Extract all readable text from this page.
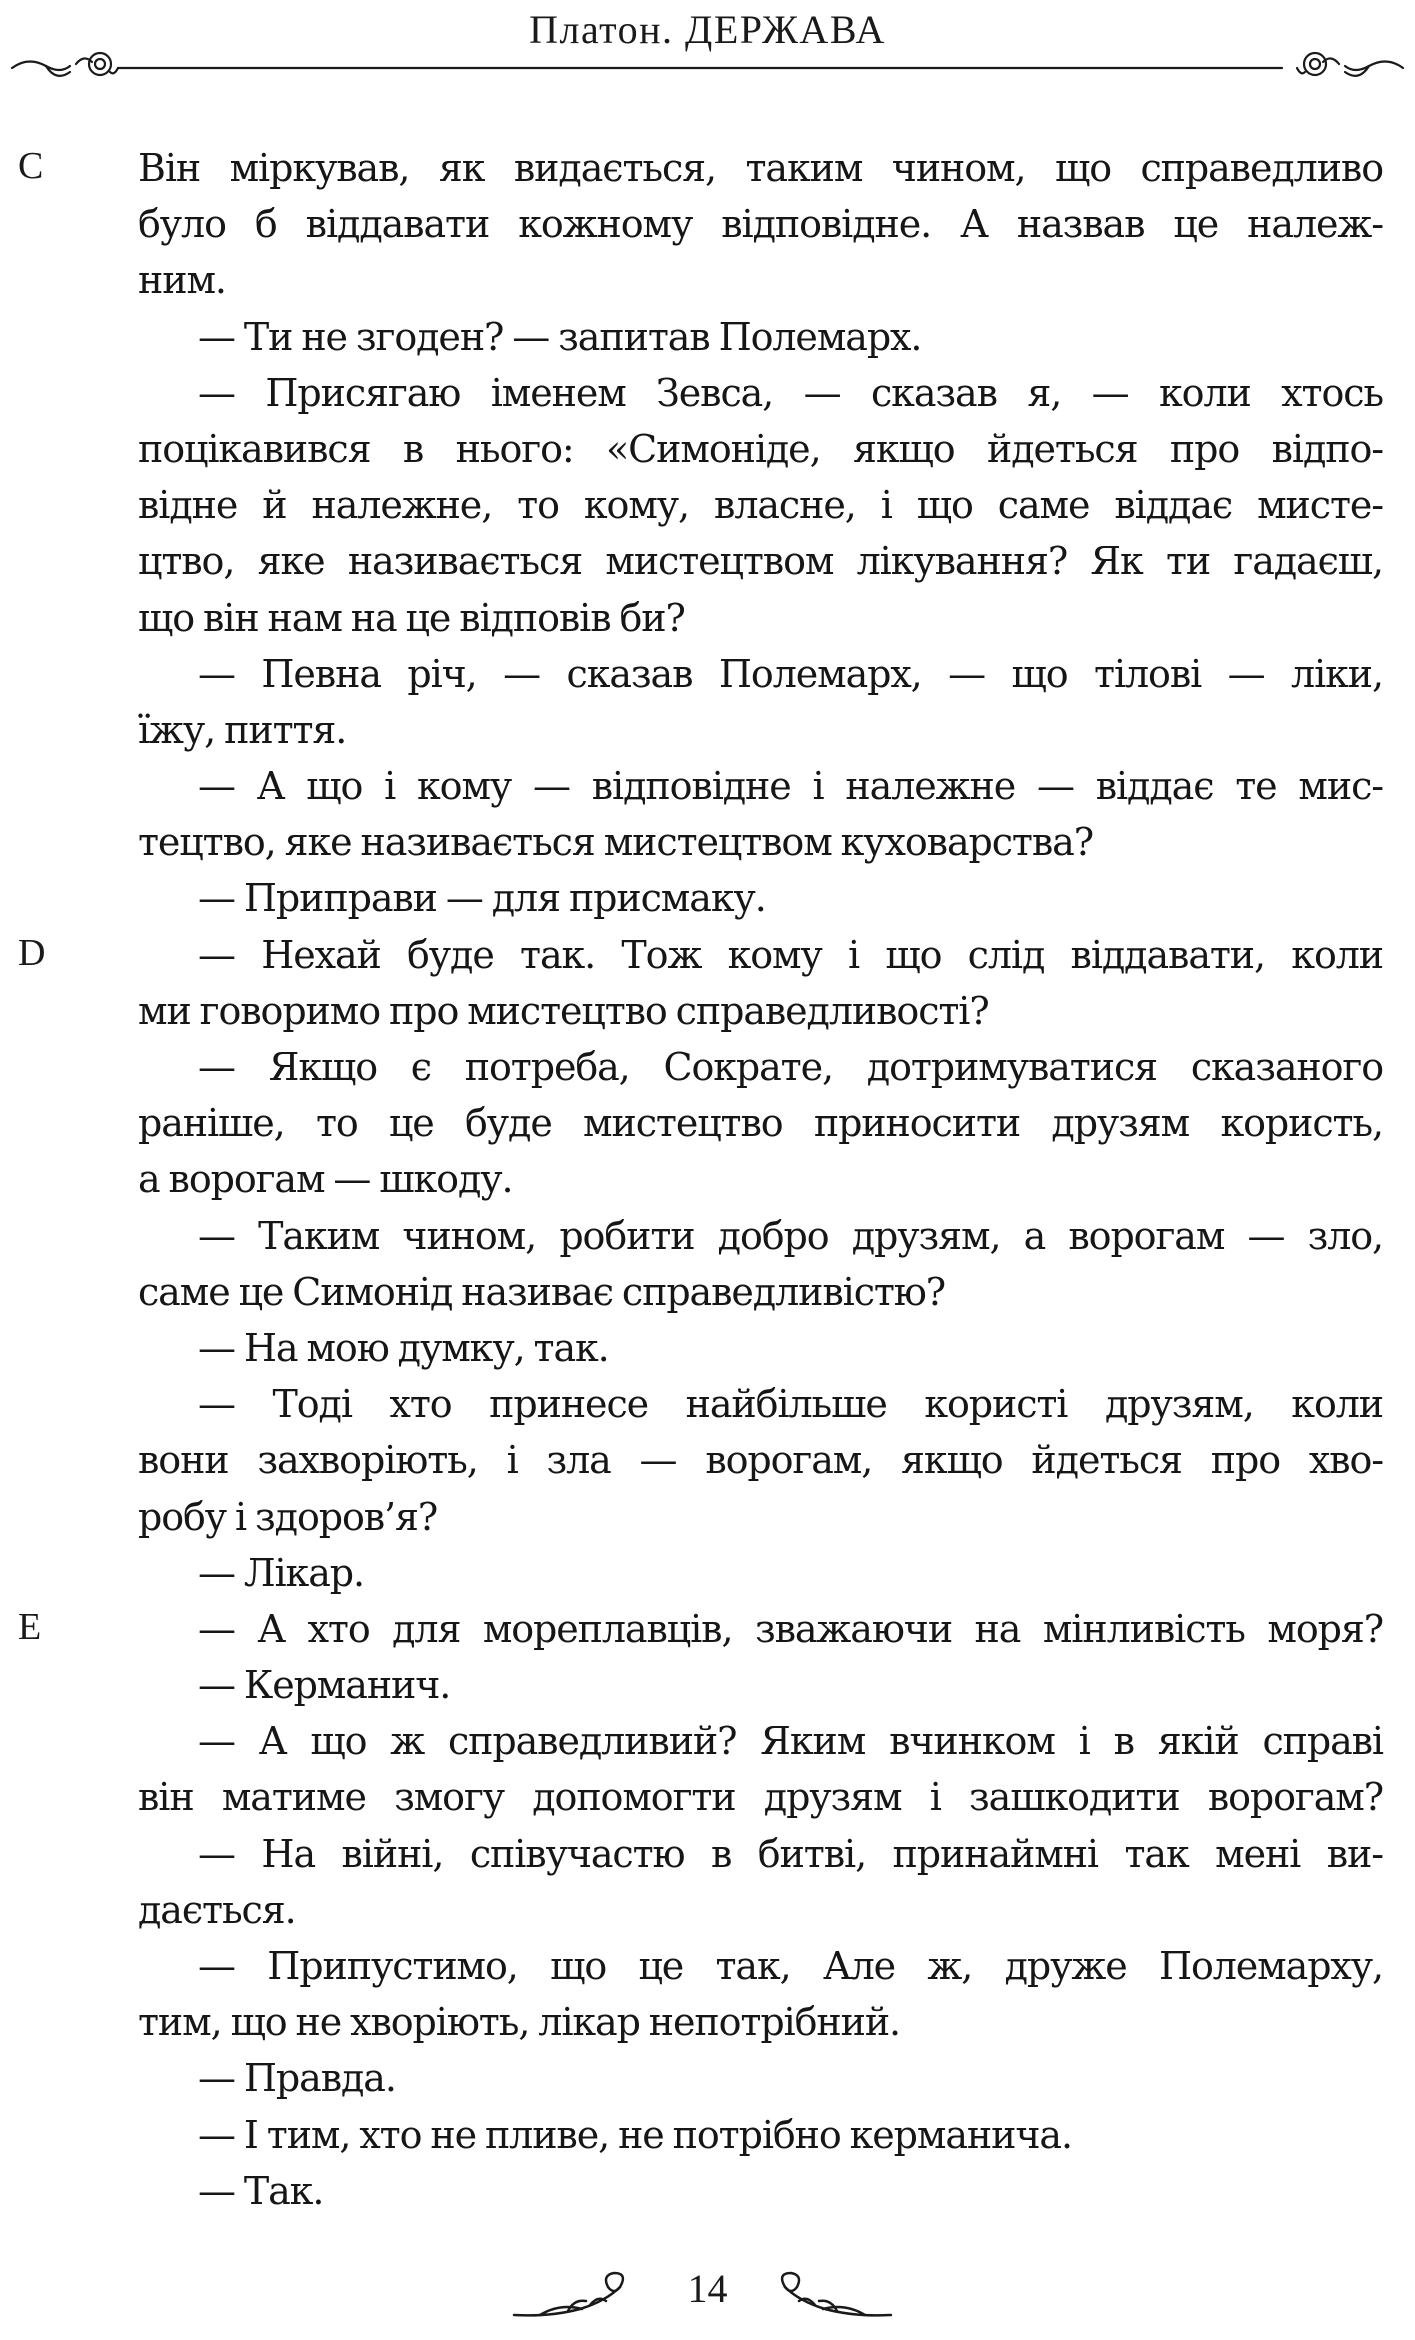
Платон. ДЕРЖАВА
C
D
E
Він міркував, як видається, таким чином, що справедливо
було б віддавати кожному відповідне. А назвав це належ-
ним.
— Ти не згоден? — запитав Полемарх.
— Присягаю іменем Зевса, — сказав я, — коли хтось
поцікавився в нього: «Симоніде, якщо йдеться про відпо-
відне й належне, то кому, власне, і що саме віддає мисте-
цтво, яке називається мистецтвом лікування? Як ти гадаєш,
що він нам на це відповів би?
— Певна річ, — сказав Полемарх, — що тілові — ліки,
їжу, пиття.
— А що і кому — відповідне і належне — віддає те мис-
тецтво, яке називається мистецтвом куховарства?
— Приправи — для присмаку.
— Нехай буде так. Тож кому і що слід віддавати, коли
ми говоримо про мистецтво справедливості?
— Якщо є потреба, Сократе, дотримуватися сказаного
раніше, то це буде мистецтво приносити друзям користь,
а ворогам — шкоду.
— Таким чином, робити добро друзям, а ворогам — зло,
саме це Симонід називає справедливістю?
— На мою думку, так.
— Тоді хто принесе найбільше користі друзям, коли
вони захворіють, і зла — ворогам, якщо йдеться про хво-
робу і здоров’я?
— Лікар.
— А хто для мореплавців, зважаючи на мінливість моря?
— Керманич.
— А що ж справедливий? Яким вчинком і в якій справі
він матиме змогу допомогти друзям і зашкодити ворогам?
— На війні, співучастю в битві, принаймні так мені ви-
дається.
— Припустимо, що це так, Але ж, друже Полемарху,
тим, що не хворіють, лікар непотрібний.
— Правда.
— І тим, хто не пливе, не потрібно керманича.
— Так.
14
